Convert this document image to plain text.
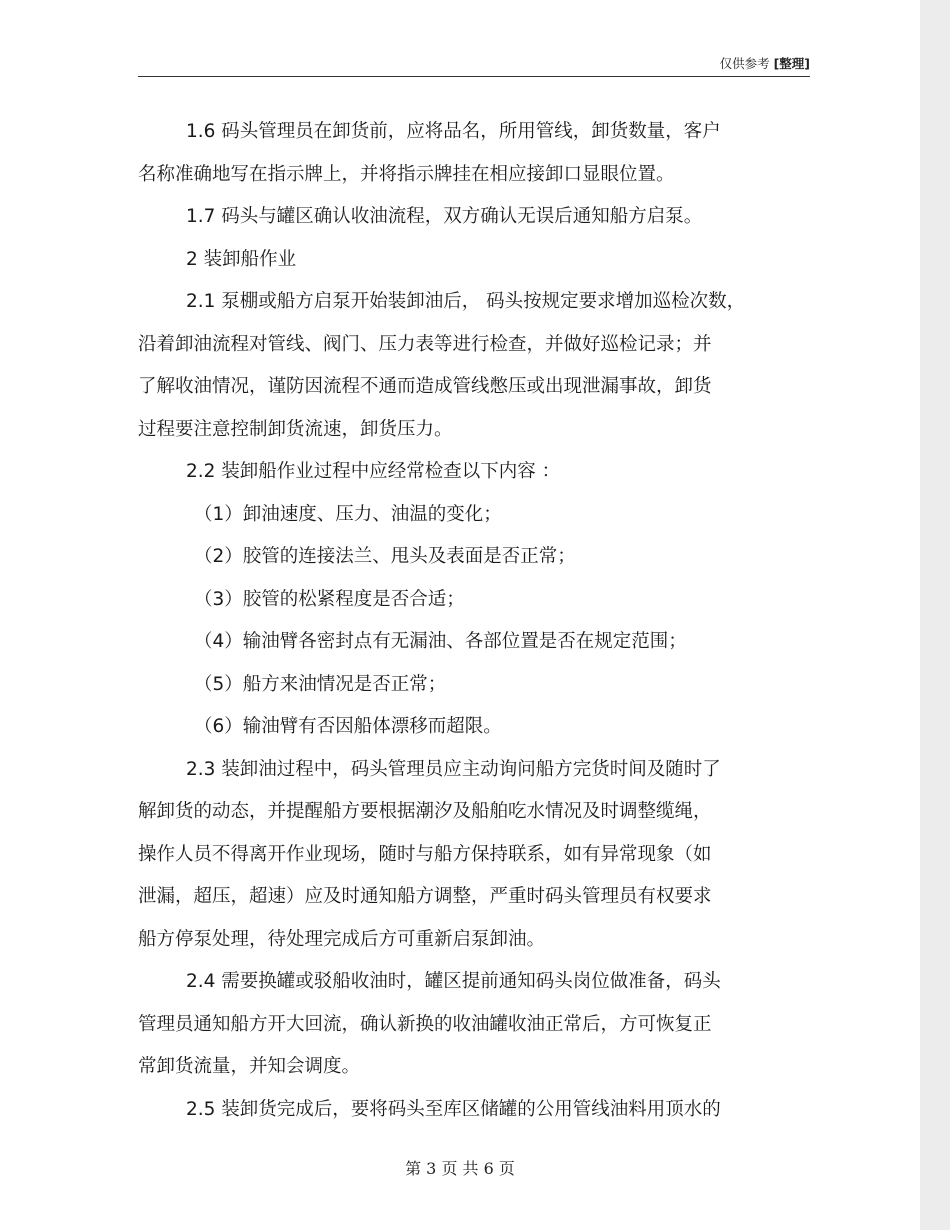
仅供参考 [整理]
1.6 码头管理员在卸货前，应将品名，所用管线，卸货数量，客户
名称准确地写在指示牌上，并将指示牌挂在相应接卸口显眼位置。
1.7 码头与罐区确认收油流程，双方确认无误后通知船方启泵。
2 装卸船作业
2.1 泵棚或船方启泵开始装卸油后， 码头按规定要求增加巡检次数，
沿着卸油流程对管线、阀门、压力表等进行检查，并做好巡检记录；并
了解收油情况，谨防因流程不通而造成管线憋压或出现泄漏事故，卸货
过程要注意控制卸货流速，卸货压力。
2.2 装卸船作业过程中应经常检查以下内容 ：
（1）卸油速度、压力、油温的变化；
（2）胶管的连接法兰、甩头及表面是否正常；
（3）胶管的松紧程度是否合适；
（4）输油臂各密封点有无漏油、各部位置是否在规定范围；
（5）船方来油情况是否正常；
（6）输油臂有否因船体漂移而超限。
2.3 装卸油过程中，码头管理员应主动询问船方完货时间及随时了
解卸货的动态，并提醒船方要根据潮汐及船舶吃水情况及时调整缆绳，
操作人员不得离开作业现场，随时与船方保持联系，如有异常现象（如
泄漏，超压，超速）应及时通知船方调整，严重时码头管理员有权要求
船方停泵处理，待处理完成后方可重新启泵卸油。
2.4 需要换罐或驳船收油时，罐区提前通知码头岗位做准备，码头
管理员通知船方开大回流，确认新换的收油罐收油正常后，方可恢复正
常卸货流量，并知会调度。
2.5 装卸货完成后，要将码头至库区储罐的公用管线油料用顶水的
第 3 页 共 6 页
